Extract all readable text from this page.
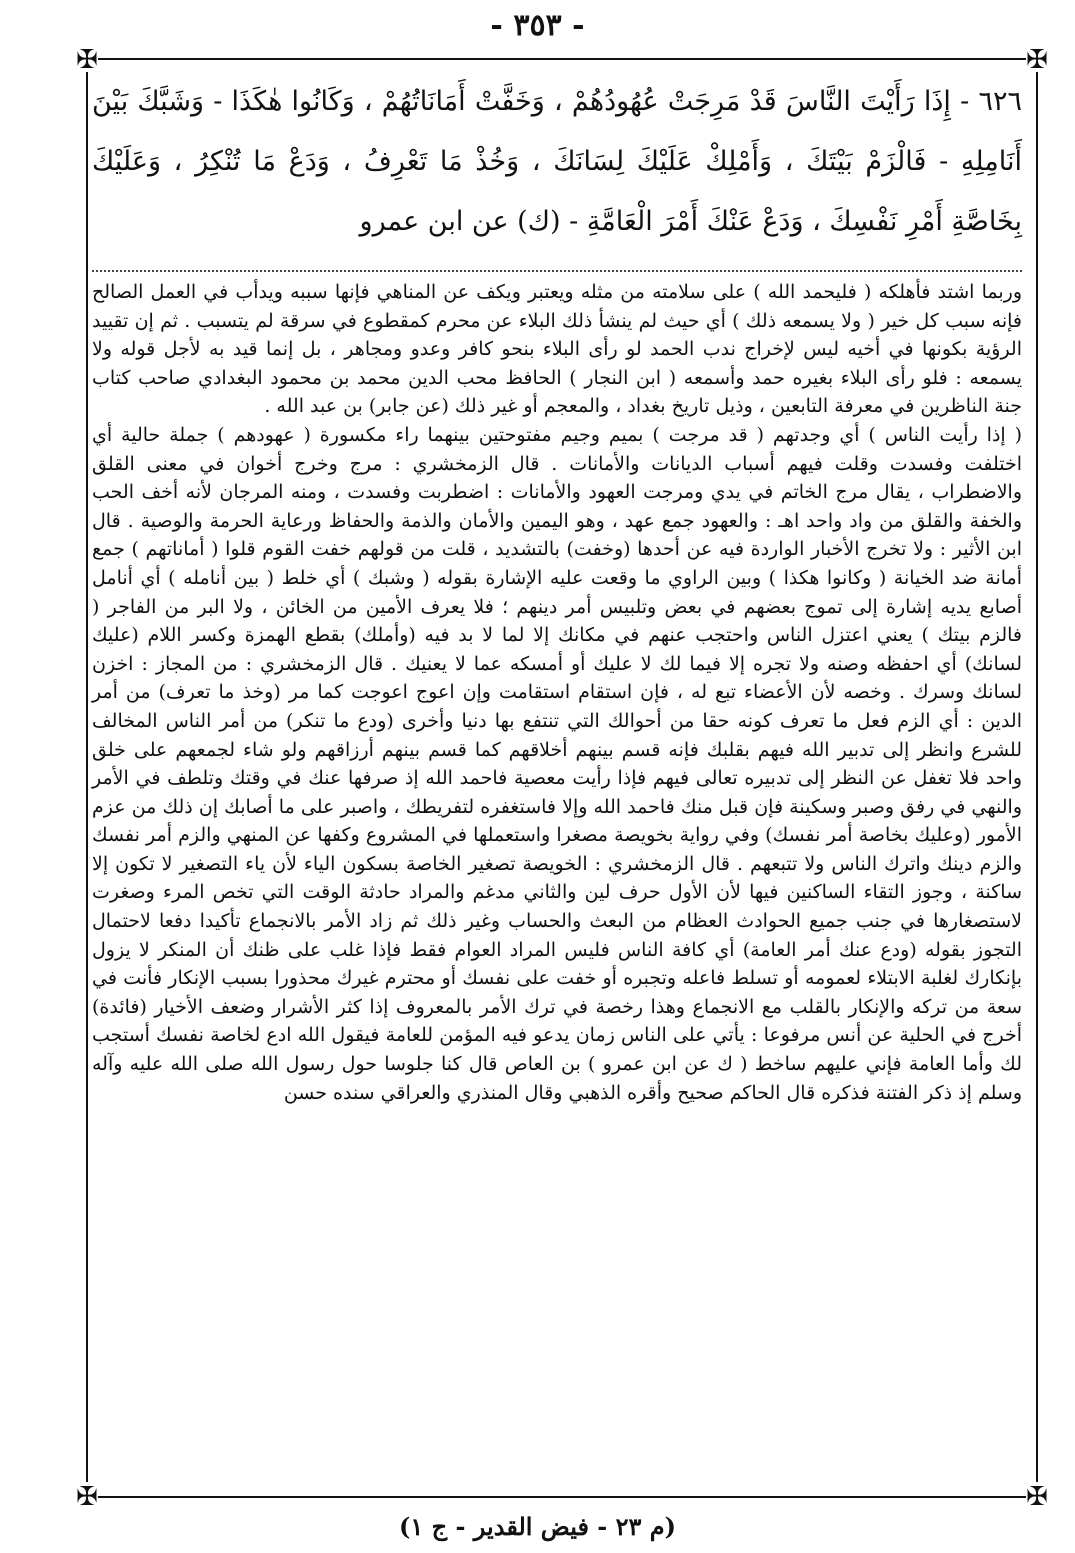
- ٣٥٣ -
✠	✠
✠	✠
٦٢٦ - إِذَا رَأَيْتَ النَّاسَ قَدْ مَرِجَتْ عُهُودُهُمْ ، وَخَفَّتْ أَمَانَاتُهُمْ ، وَكَانُوا هٰكَذَا - وَشَبَّكَ بَيْنَ أَنَامِلِهِ - فَالْزَمْ بَيْتَكَ ، وَأَمْلِكْ عَلَيْكَ لِسَانَكَ ، وَخُذْ مَا تَعْرِفُ ، وَدَعْ مَا تُنْكِرُ ، وَعَلَيْكَ بِخَاصَّةِ أَمْرِ نَفْسِكَ ، وَدَعْ عَنْكَ أَمْرَ الْعَامَّةِ - (ك) عن ابن عمرو

وربما اشتد فأهلكه ( فليحمد الله ) على سلامته من مثله ويعتبر ويكف عن المناهي فإنها سببه ويدأب في العمل الصالح فإنه سبب كل خير ( ولا يسمعه ذلك ) أي حيث لم ينشأ ذلك البلاء عن محرم كمقطوع في سرقة لم يتسبب . ثم إن تقييد الرؤية بكونها في أخيه ليس لإخراج ندب الحمد لو رأى البلاء بنحو كافر وعدو ومجاهر ، بل إنما قيد به لأجل قوله ولا يسمعه : فلو رأى البلاء بغيره حمد وأسمعه ( ابن النجار ) الحافظ محب الدين محمد بن محمود البغدادي صاحب كتاب جنة الناظرين في معرفة التابعين ، وذيل تاريخ بغداد ، والمعجم أو غير ذلك (عن جابر) بن عبد الله .

( إذا رأيت الناس ) أي وجدتهم ( قد مرجت ) بميم وجيم مفتوحتين بينهما راء مكسورة ( عهودهم ) جملة حالية أي اختلفت وفسدت وقلت فيهم أسباب الديانات والأمانات . قال الزمخشري : مرج وخرج أخوان في معنى القلق والاضطراب ، يقال مرج الخاتم في يدي ومرجت العهود والأمانات : اضطربت وفسدت ، ومنه المرجان لأنه أخف الحب والخفة والقلق من واد واحد اهـ : والعهود جمع عهد ، وهو اليمين والأمان والذمة والحفاظ ورعاية الحرمة والوصية . قال ابن الأثير : ولا تخرج الأخبار الواردة فيه عن أحدها (وخفت) بالتشديد ، قلت من قولهم خفت القوم قلوا ( أماناتهم ) جمع أمانة ضد الخيانة ( وكانوا هكذا ) وبين الراوي ما وقعت عليه الإشارة بقوله ( وشبك ) أي خلط ( بين أنامله ) أي أنامل أصابع يديه إشارة إلى تموج بعضهم في بعض وتلبيس أمر دينهم ؛ فلا يعرف الأمين من الخائن ، ولا البر من الفاجر ( فالزم بيتك ) يعني اعتزل الناس واحتجب عنهم في مكانك إلا لما لا بد فيه (وأملك) بقطع الهمزة وكسر اللام (عليك لسانك) أي احفظه وصنه ولا تجره إلا فيما لك لا عليك أو أمسكه عما لا يعنيك . قال الزمخشري : من المجاز : اخزن لسانك وسرك . وخصه لأن الأعضاء تبع له ، فإن استقام استقامت وإن اعوج اعوجت كما مر (وخذ ما تعرف) من أمر الدين : أي الزم فعل ما تعرف كونه حقا من أحوالك التي تنتفع بها دنيا وأخرى (ودع ما تنكر) من أمر الناس المخالف للشرع وانظر إلى تدبير الله فيهم بقلبك فإنه قسم بينهم أخلاقهم كما قسم بينهم أرزاقهم ولو شاء لجمعهم على خلق واحد فلا تغفل عن النظر إلى تدبيره تعالى فيهم فإذا رأيت معصية فاحمد الله إذ صرفها عنك في وقتك وتلطف في الأمر والنهي في رفق وصبر وسكينة فإن قبل منك فاحمد الله وإلا فاستغفره لتفريطك ، واصبر على ما أصابك إن ذلك من عزم الأمور (وعليك بخاصة أمر نفسك) وفي رواية بخويصة مصغرا واستعملها في المشروع وكفها عن المنهي والزم أمر نفسك والزم دينك واترك الناس ولا تتبعهم . قال الزمخشري : الخويصة تصغير الخاصة بسكون الياء لأن ياء التصغير لا تكون إلا ساكنة ، وجوز التقاء الساكنين فيها لأن الأول حرف لين والثاني مدغم والمراد حادثة الوقت التي تخص المرء وصغرت لاستصغارها في جنب جميع الحوادث العظام من البعث والحساب وغير ذلك ثم زاد الأمر بالانجماع تأكيدا دفعا لاحتمال التجوز بقوله (ودع عنك أمر العامة) أي كافة الناس فليس المراد العوام فقط فإذا غلب على ظنك أن المنكر لا يزول بإنكارك لغلبة الابتلاء لعمومه أو تسلط فاعله وتجبره أو خفت على نفسك أو محترم غيرك محذورا بسبب الإنكار فأنت في سعة من تركه والإنكار بالقلب مع الانجماع وهذا رخصة في ترك الأمر بالمعروف إذا كثر الأشرار وضعف الأخيار (فائدة) أخرج في الحلية عن أنس مرفوعا : يأتي على الناس زمان يدعو فيه المؤمن للعامة فيقول الله ادع لخاصة نفسك أستجب لك وأما العامة فإني عليهم ساخط ( ك عن ابن عمرو ) بن العاص قال كنا جلوسا حول رسول الله صلى الله عليه وآله وسلم إذ ذكر الفتنة فذكره قال الحاكم صحيح وأقره الذهبي وقال المنذري والعراقي سنده حسن

(م ٢٣ - فيض القدير - ج ١)
